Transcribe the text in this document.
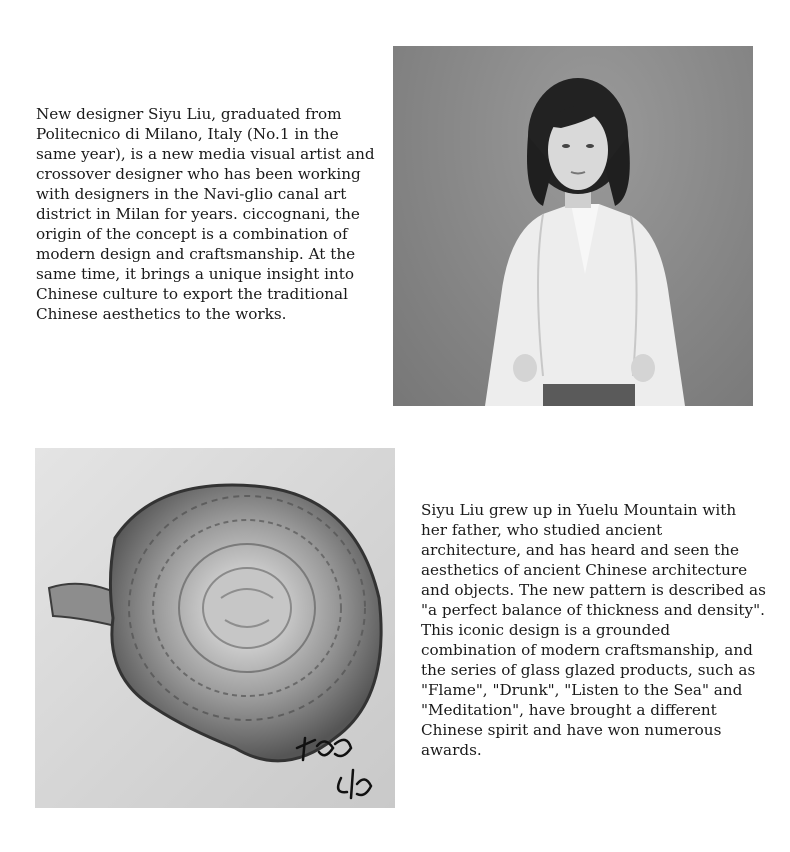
New designer Siyu Liu, graduated from Politecnico di Milano, Italy (No.1 in the same year), is a new media visual artist and crossover designer who has been working with designers in the Navi-glio canal art district in Milan for years. ciccognani, the origin of the concept is a combination of modern design and craftsmanship. At the same time, it brings a unique insight into Chinese culture to export the traditional Chinese aesthetics to the works.

Siyu Liu grew up in Yuelu Mountain with her father, who studied ancient architecture, and has heard and seen the aesthetics of ancient Chinese architecture and objects. The new pattern is described as "a perfect balance of thickness and density". This iconic design is a grounded combination of modern craftsmanship, and the series of glass glazed products, such as "Flame", "Drunk", "Listen to the Sea" and "Meditation", have brought a different Chinese spirit and have won numerous awards.
